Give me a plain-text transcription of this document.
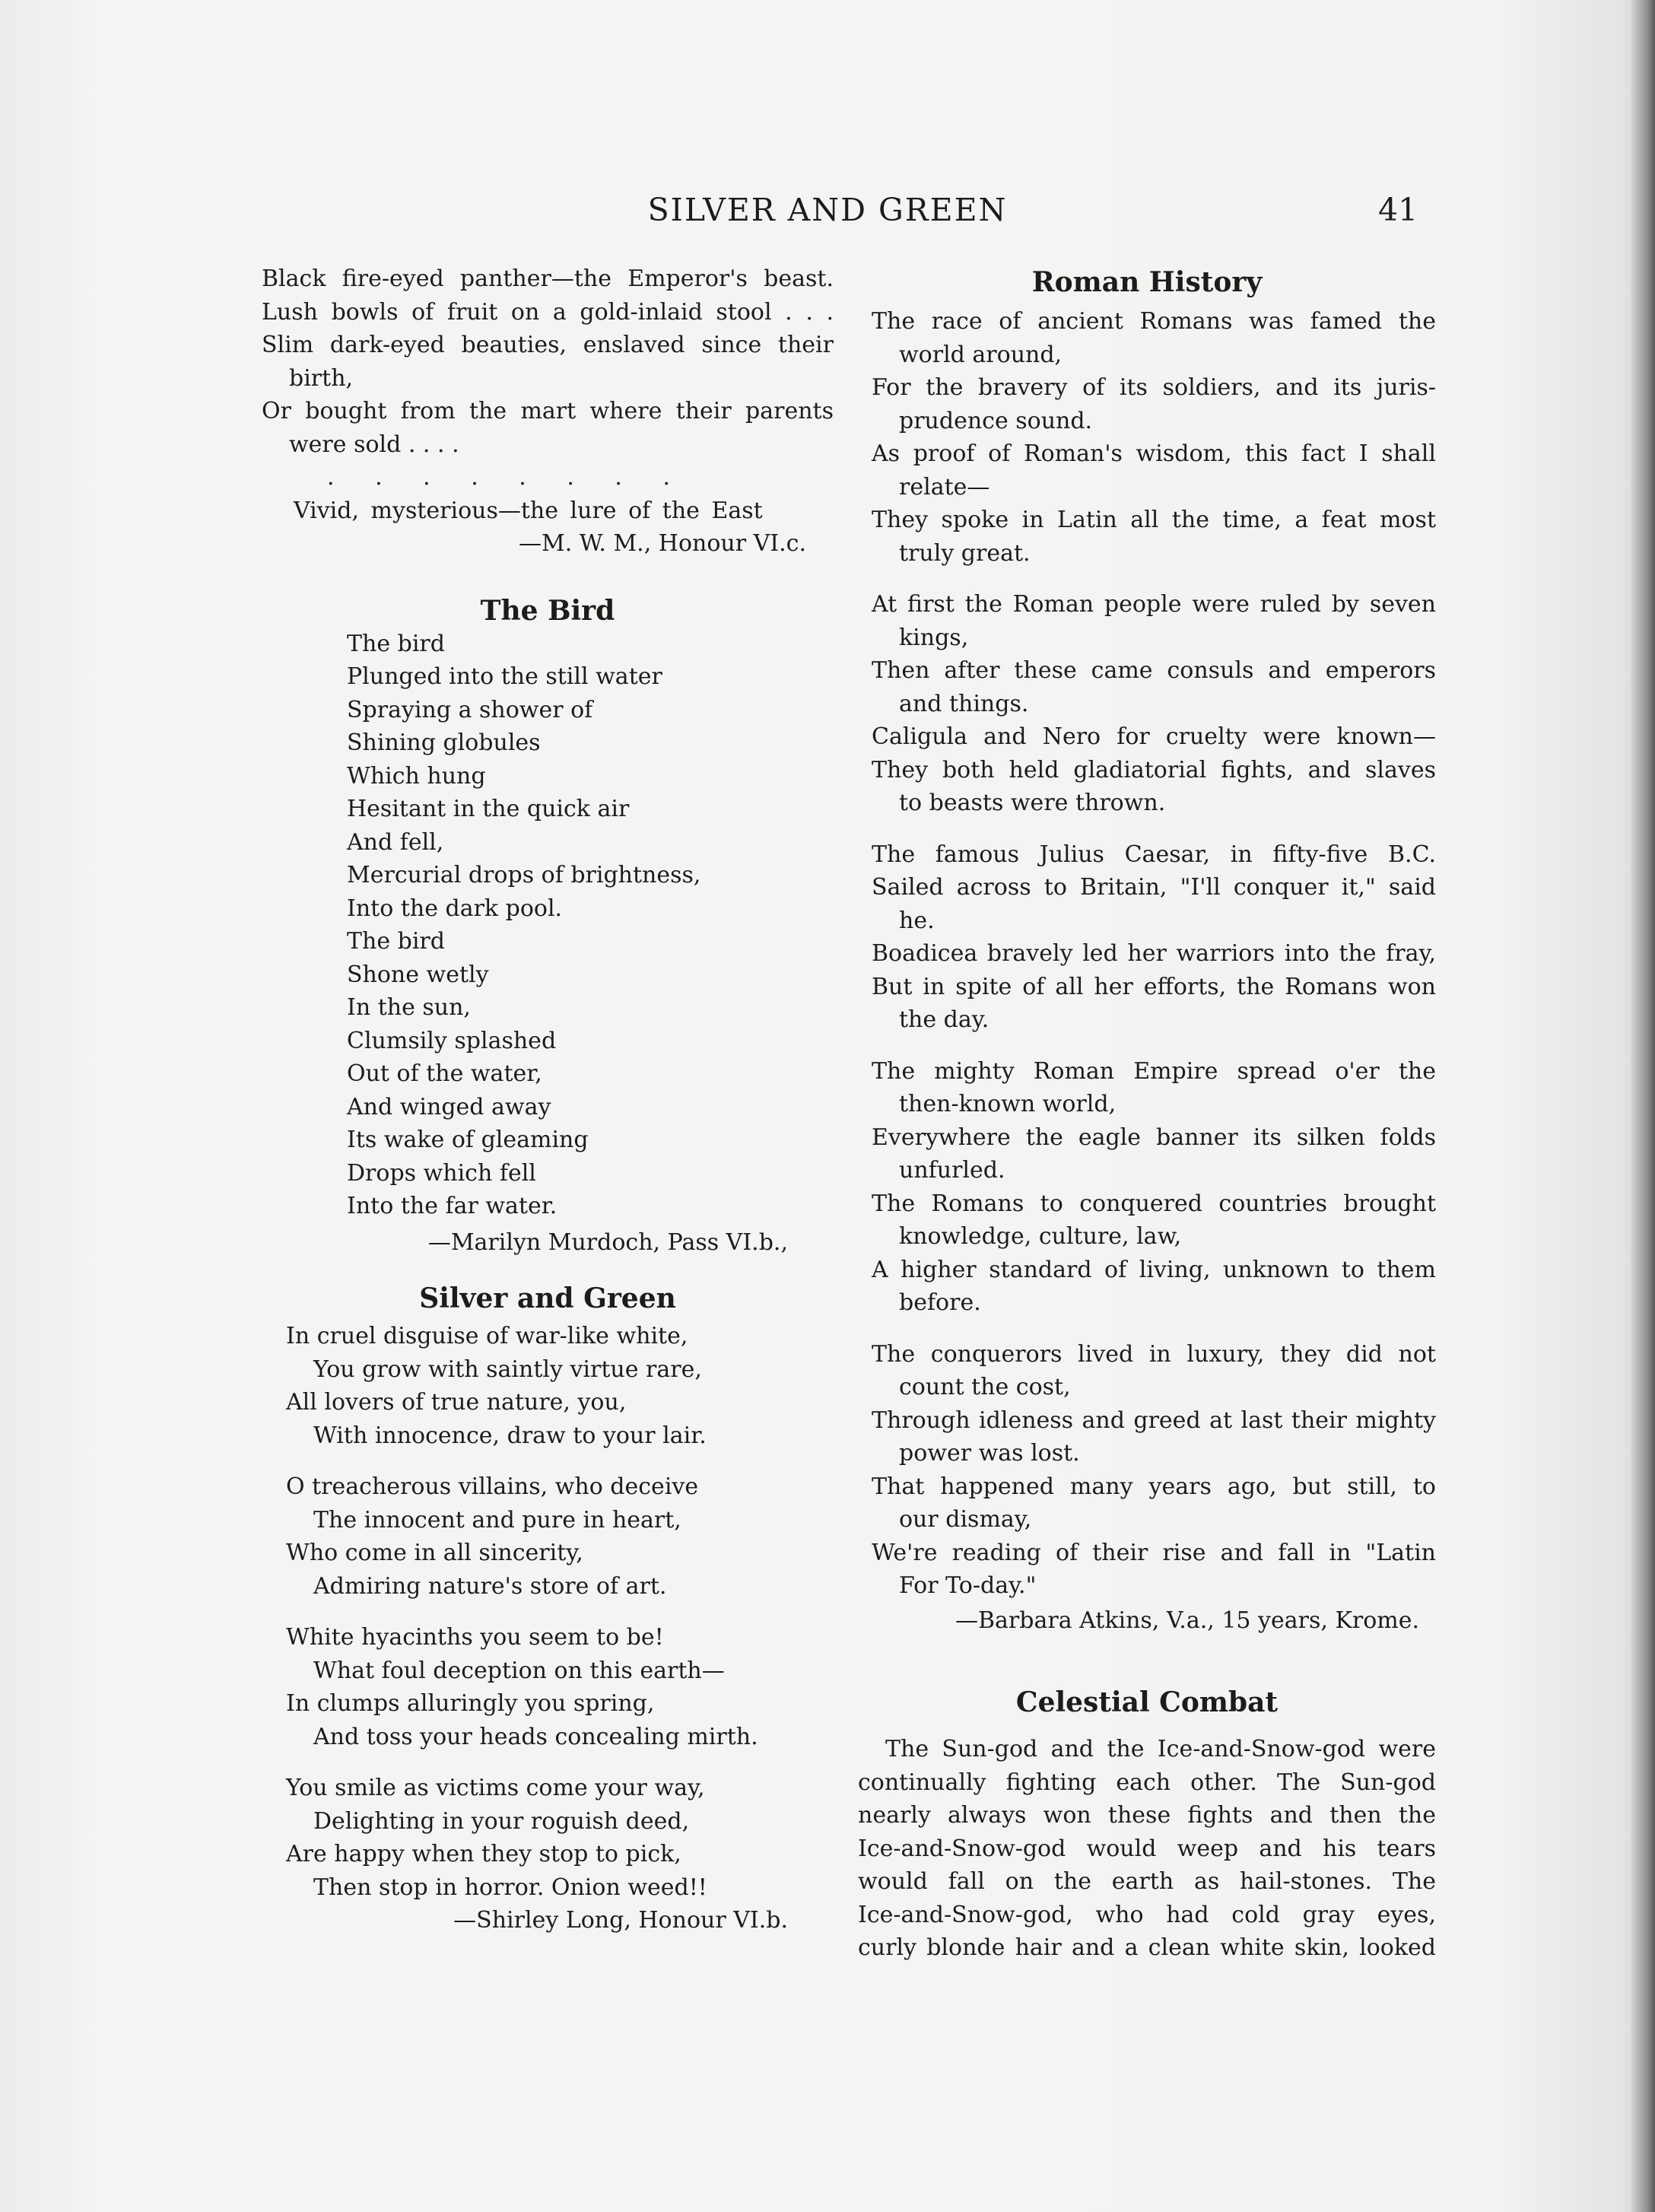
SILVER AND GREEN	41
Black fire-eyed panther—the Emperor's beast.
Lush bowls of fruit on a gold-inlaid stool . . .
Slim dark-eyed beauties, enslaved since their
birth,
Or bought from the mart where their parents
were sold . . . .
. . . . . . . .
Vivid, mysterious—the lure of the East
—M. W. M., Honour VI.c.
The Bird
The bird
Plunged into the still water
Spraying a shower of
Shining globules
Which hung
Hesitant in the quick air
And fell,
Mercurial drops of brightness,
Into the dark pool.
The bird
Shone wetly
In the sun,
Clumsily splashed
Out of the water,
And winged away
Its wake of gleaming
Drops which fell
Into the far water.
—Marilyn Murdoch, Pass VI.b.,
Silver and Green
In cruel disguise of war-like white,
You grow with saintly virtue rare,
All lovers of true nature, you,
With innocence, draw to your lair.
O treacherous villains, who deceive
The innocent and pure in heart,
Who come in all sincerity,
Admiring nature's store of art.
White hyacinths you seem to be!
What foul deception on this earth—
In clumps alluringly you spring,
And toss your heads concealing mirth.
You smile as victims come your way,
Delighting in your roguish deed,
Are happy when they stop to pick,
Then stop in horror. Onion weed!!
—Shirley Long, Honour VI.b.
Roman History
The race of ancient Romans was famed the
world around,
For the bravery of its soldiers, and its juris-
prudence sound.
As proof of Roman's wisdom, this fact I shall
relate—
They spoke in Latin all the time, a feat most
truly great.
At first the Roman people were ruled by seven
kings,
Then after these came consuls and emperors
and things.
Caligula and Nero for cruelty were known—
They both held gladiatorial fights, and slaves
to beasts were thrown.
The famous Julius Caesar, in fifty-five B.C.
Sailed across to Britain, "I'll conquer it," said
he.
Boadicea bravely led her warriors into the fray,
But in spite of all her efforts, the Romans won
the day.
The mighty Roman Empire spread o'er the
then-known world,
Everywhere the eagle banner its silken folds
unfurled.
The Romans to conquered countries brought
knowledge, culture, law,
A higher standard of living, unknown to them
before.
The conquerors lived in luxury, they did not
count the cost,
Through idleness and greed at last their mighty
power was lost.
That happened many years ago, but still, to
our dismay,
We're reading of their rise and fall in "Latin
For To-day."
—Barbara Atkins, V.a., 15 years, Krome.
Celestial Combat
The Sun-god and the Ice-and-Snow-god were
continually fighting each other. The Sun-god
nearly always won these fights and then the
Ice-and-Snow-god would weep and his tears
would fall on the earth as hail-stones. The
Ice-and-Snow-god, who had cold gray eyes,
curly blonde hair and a clean white skin, looked
